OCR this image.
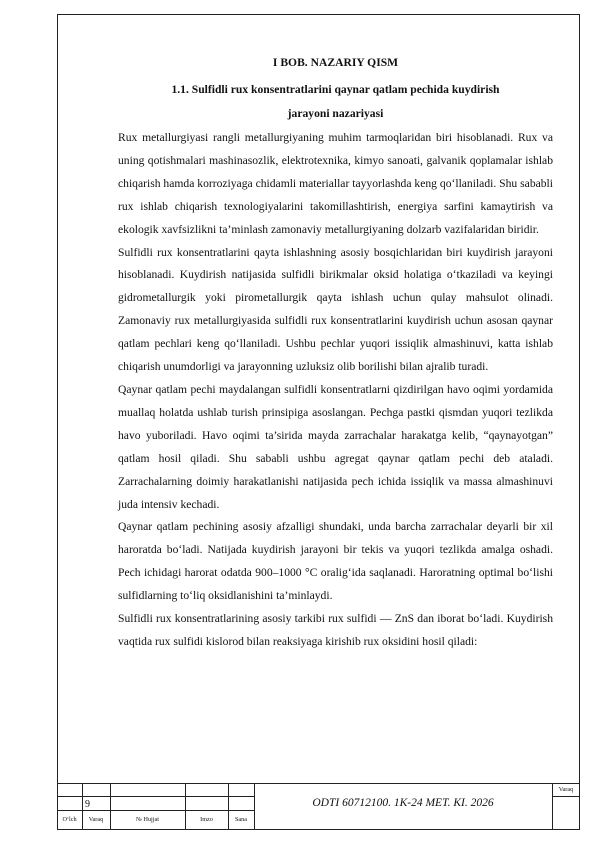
I BOB. NAZARIY QISM
1.1. Sulfidli rux konsentratlarini qaynar qatlam pechida kuydirish
jarayoni nazariyasi

Rux metallurgiyasi rangli metallurgiyaning muhim tarmoqlaridan biri hisoblanadi. Rux va uning qotishmalari mashinasozlik, elektrotexnika, kimyo sanoati, galvanik qoplamalar ishlab chiqarish hamda korroziyaga chidamli materiallar tayyorlashda keng qo‘llaniladi. Shu sababli rux ishlab chiqarish texnologiyalarini takomillashtirish, energiya sarfini kamaytirish va ekologik xavfsizlikni ta’minlash zamonaviy metallurgiyaning dolzarb vazifalaridan biridir.

Sulfidli rux konsentratlarini qayta ishlashning asosiy bosqichlaridan biri kuydirish jarayoni hisoblanadi. Kuydirish natijasida sulfidli birikmalar oksid holatiga o‘tkaziladi va keyingi gidrometallurgik yoki pirometallurgik qayta ishlash uchun qulay mahsulot olinadi. Zamonaviy rux metallurgiyasida sulfidli rux konsentratlarini kuydirish uchun asosan qaynar qatlam pechlari keng qo‘llaniladi. Ushbu pechlar yuqori issiqlik almashinuvi, katta ishlab chiqarish unumdorligi va jarayonning uzluksiz olib borilishi bilan ajralib turadi.

Qaynar qatlam pechi maydalangan sulfidli konsentratlarni qizdirilgan havo oqimi yordamida muallaq holatda ushlab turish prinsipiga asoslangan. Pechga pastki qismdan yuqori tezlikda havo yuboriladi. Havo oqimi ta’sirida mayda zarrachalar harakatga kelib, “qaynayotgan” qatlam hosil qiladi. Shu sababli ushbu agregat qaynar qatlam pechi deb ataladi. Zarrachalarning doimiy harakatlanishi natijasida pech ichida issiqlik va massa almashinuvi juda intensiv kechadi.

Qaynar qatlam pechining asosiy afzalligi shundaki, unda barcha zarrachalar deyarli bir xil haroratda bo‘ladi. Natijada kuydirish jarayoni bir tekis va yuqori tezlikda amalga oshadi. Pech ichidagi harorat odatda 900–1000 °C oralig‘ida saqlanadi. Haroratning optimal bo‘lishi sulfidlarning to‘liq oksidlanishini ta’minlaydi.

Sulfidli rux konsentratlarining asosiy tarkibi rux sulfidi — ZnS dan iborat bo‘ladi. Kuydirish vaqtida rux sulfidi kislorod bilan reaksiyaga kirishib rux oksidini hosil qiladi:

9	ODTI 60712100. 1K-24 MET. KI. 2026
Varaq
O‘lch	Varaq	№ Hujjat	Imzo	Sana
